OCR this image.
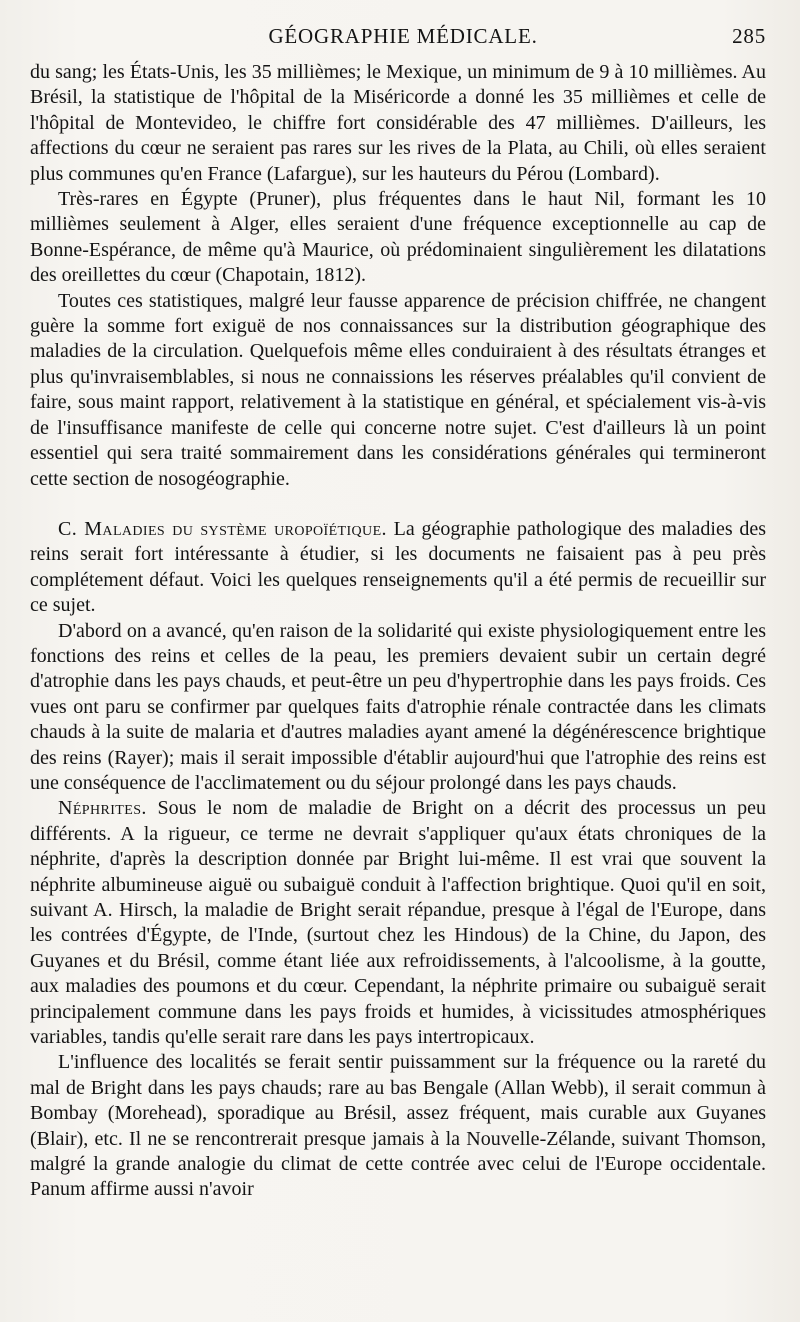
GÉOGRAPHIE MÉDICALE.	285

du sang; les États-Unis, les 35 millièmes; le Mexique, un minimum de 9 à 10 millièmes. Au Brésil, la statistique de l'hôpital de la Miséricorde a donné les 35 millièmes et celle de l'hôpital de Montevideo, le chiffre fort considérable des 47 millièmes. D'ailleurs, les affections du cœur ne seraient pas rares sur les rives de la Plata, au Chili, où elles seraient plus communes qu'en France (Lafargue), sur les hauteurs du Pérou (Lombard).

Très-rares en Égypte (Pruner), plus fréquentes dans le haut Nil, formant les 10 millièmes seulement à Alger, elles seraient d'une fréquence exceptionnelle au cap de Bonne-Espérance, de même qu'à Maurice, où prédominaient singulièrement les dilatations des oreillettes du cœur (Chapotain, 1812).

Toutes ces statistiques, malgré leur fausse apparence de précision chiffrée, ne changent guère la somme fort exiguë de nos connaissances sur la distribution géographique des maladies de la circulation. Quelquefois même elles conduiraient à des résultats étranges et plus qu'invraisemblables, si nous ne connaissions les réserves préalables qu'il convient de faire, sous maint rapport, relativement à la statistique en général, et spécialement vis-à-vis de l'insuffisance manifeste de celle qui concerne notre sujet. C'est d'ailleurs là un point essentiel qui sera traité sommairement dans les considérations générales qui termineront cette section de nosogéographie.

C. Maladies du système uropoïétique. La géographie pathologique des maladies des reins serait fort intéressante à étudier, si les documents ne faisaient pas à peu près complétement défaut. Voici les quelques renseignements qu'il a été permis de recueillir sur ce sujet.

D'abord on a avancé, qu'en raison de la solidarité qui existe physiologiquement entre les fonctions des reins et celles de la peau, les premiers devaient subir un certain degré d'atrophie dans les pays chauds, et peut-être un peu d'hypertrophie dans les pays froids. Ces vues ont paru se confirmer par quelques faits d'atrophie rénale contractée dans les climats chauds à la suite de malaria et d'autres maladies ayant amené la dégénérescence brightique des reins (Rayer); mais il serait impossible d'établir aujourd'hui que l'atrophie des reins est une conséquence de l'acclimatement ou du séjour prolongé dans les pays chauds.

Néphrites. Sous le nom de maladie de Bright on a décrit des processus un peu différents. A la rigueur, ce terme ne devrait s'appliquer qu'aux états chroniques de la néphrite, d'après la description donnée par Bright lui-même. Il est vrai que souvent la néphrite albumineuse aiguë ou subaiguë conduit à l'affection brightique. Quoi qu'il en soit, suivant A. Hirsch, la maladie de Bright serait répandue, presque à l'égal de l'Europe, dans les contrées d'Égypte, de l'Inde, (surtout chez les Hindous) de la Chine, du Japon, des Guyanes et du Brésil, comme étant liée aux refroidissements, à l'alcoolisme, à la goutte, aux maladies des poumons et du cœur. Cependant, la néphrite primaire ou subaiguë serait principalement commune dans les pays froids et humides, à vicissitudes atmosphériques variables, tandis qu'elle serait rare dans les pays intertropicaux.

L'influence des localités se ferait sentir puissamment sur la fréquence ou la rareté du mal de Bright dans les pays chauds; rare au bas Bengale (Allan Webb), il serait commun à Bombay (Morehead), sporadique au Brésil, assez fréquent, mais curable aux Guyanes (Blair), etc. Il ne se rencontrerait presque jamais à la Nouvelle-Zélande, suivant Thomson, malgré la grande analogie du climat de cette contrée avec celui de l'Europe occidentale. Panum affirme aussi n'avoir
